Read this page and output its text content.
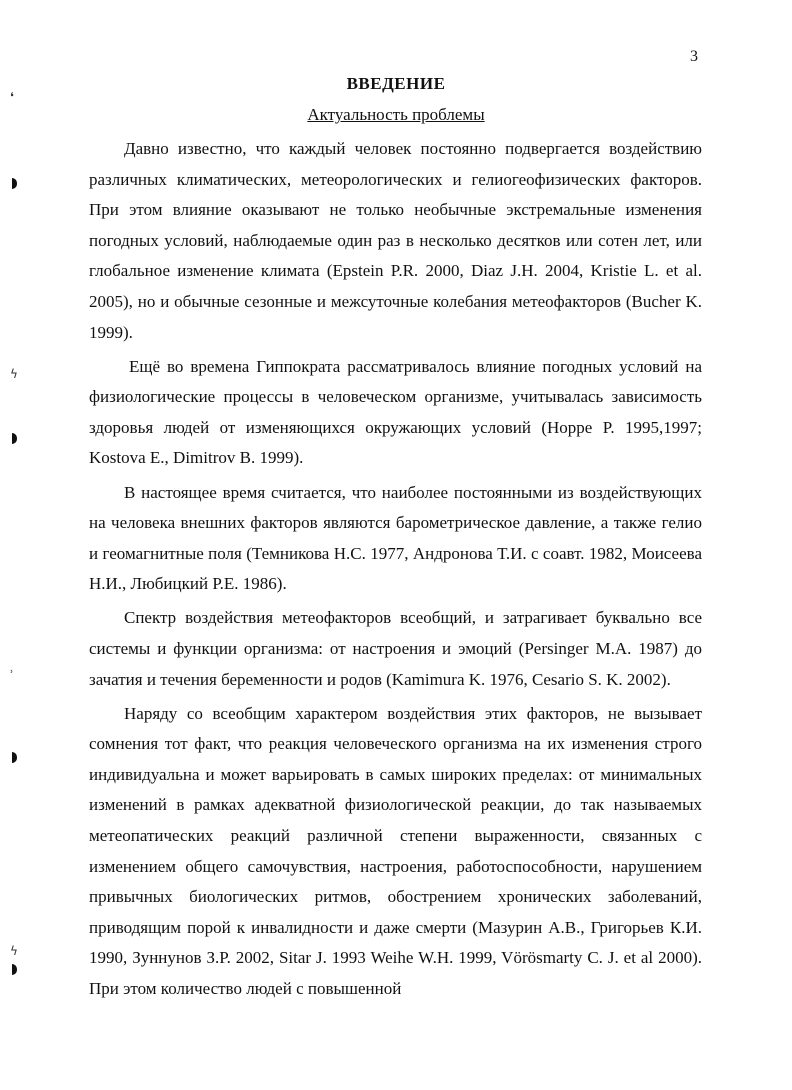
3
ВВЕДЕНИЕ
Актуальность проблемы

Давно известно, что каждый человек постоянно подвергается воздействию различных климатических, метеорологических и гелиогеофизических факторов. При этом влияние оказывают не только необычные экстремальные изменения погодных условий, наблюдаемые один раз в несколько десятков или сотен лет, или глобальное изменение климата (Epstein P.R. 2000, Diaz J.H. 2004, Kristie L. et al. 2005), но и обычные сезонные и межсуточные колебания метеофакторов (Bucher K. 1999).

Ещё во времена Гиппократа рассматривалось влияние погодных условий на физиологические процессы в человеческом организме, учитывалась зависимость здоровья людей от изменяющихся окружающих условий (Hoppe P. 1995,1997; Kostova E., Dimitrov B. 1999).

В настоящее время считается, что наиболее постоянными из воздействующих на человека внешних факторов являются барометрическое давление, а также гелио и геомагнитные поля (Темникова Н.С. 1977, Андронова Т.И. с соавт. 1982, Моисеева Н.И., Любицкий Р.Е. 1986).

Спектр воздействия метеофакторов всеобщий, и затрагивает буквально все системы и функции организма: от настроения и эмоций (Persinger M.A. 1987) до зачатия и течения беременности и родов (Kamimura K. 1976, Cesario S. K. 2002).

Наряду со всеобщим характером воздействия этих факторов, не вызывает сомнения тот факт, что реакция человеческого организма на их изменения строго индивидуальна и может варьировать в самых широких пределах: от минимальных изменений в рамках адекватной физиологической реакции, до так называемых метеопатических реакций различной степени выраженности, связанных с изменением общего самочувствия, настроения, работоспособности, нарушением привычных биологических ритмов, обострением хронических заболеваний, приводящим порой к инвалидности и даже смерти (Мазурин А.В., Григорьев К.И. 1990, Зуннунов З.Р. 2002, Sitar J. 1993 Weihe W.H. 1999, Vörösmarty C. J. et al 2000). При этом количество людей с повышенной

❛
ϟ
ʾ
ϟ
